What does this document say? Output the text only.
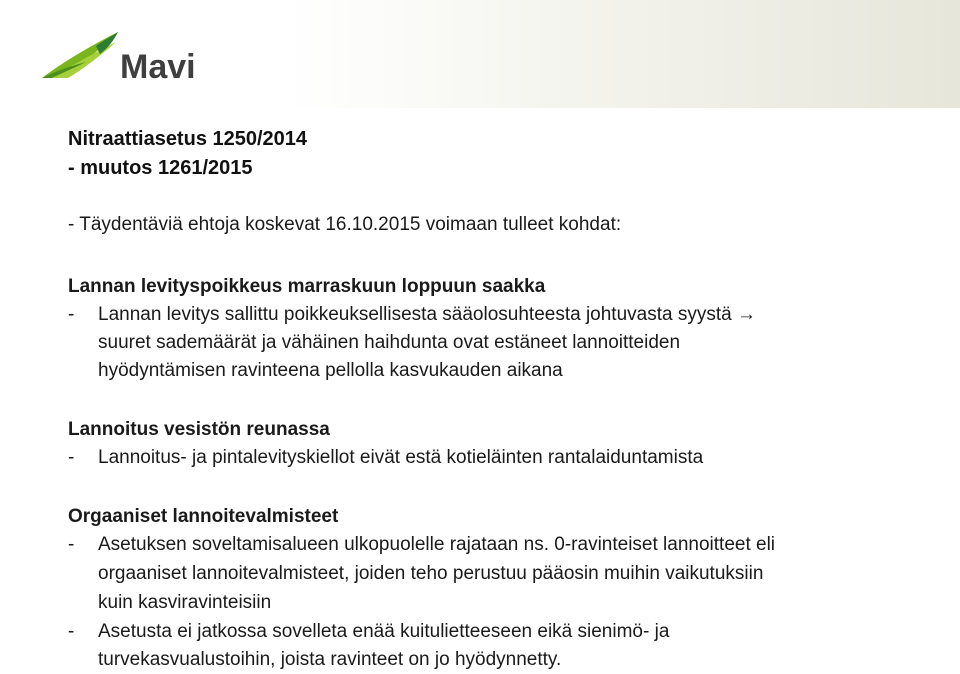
Mavi
Nitraattiasetus 1250/2014
- muutos 1261/2015
- Täydentäviä ehtoja koskevat 16.10.2015 voimaan tulleet kohdat:
Lannan levityspoikkeus marraskuun loppuun saakka
- Lannan levitys sallittu poikkeuksellisesta sääolosuhteesta johtuvasta syystä →
suuret sademäärät ja vähäinen haihdunta ovat estäneet lannoitteiden
hyödyntämisen ravinteena pellolla kasvukauden aikana
Lannoitus vesistön reunassa
- Lannoitus- ja pintalevityskiellot eivät estä kotieläinten rantalaiduntamista
Orgaaniset lannoitevalmisteet
- Asetuksen soveltamisalueen ulkopuolelle rajataan ns. 0-ravinteiset lannoitteet eli
orgaaniset lannoitevalmisteet, joiden teho perustuu pääosin muihin vaikutuksiin
kuin kasviravinteisiin
- Asetusta ei jatkossa sovelleta enää kuitulietteeseen eikä sienimö- ja
turvekasvualustoihin, joista ravinteet on jo hyödynnetty.
